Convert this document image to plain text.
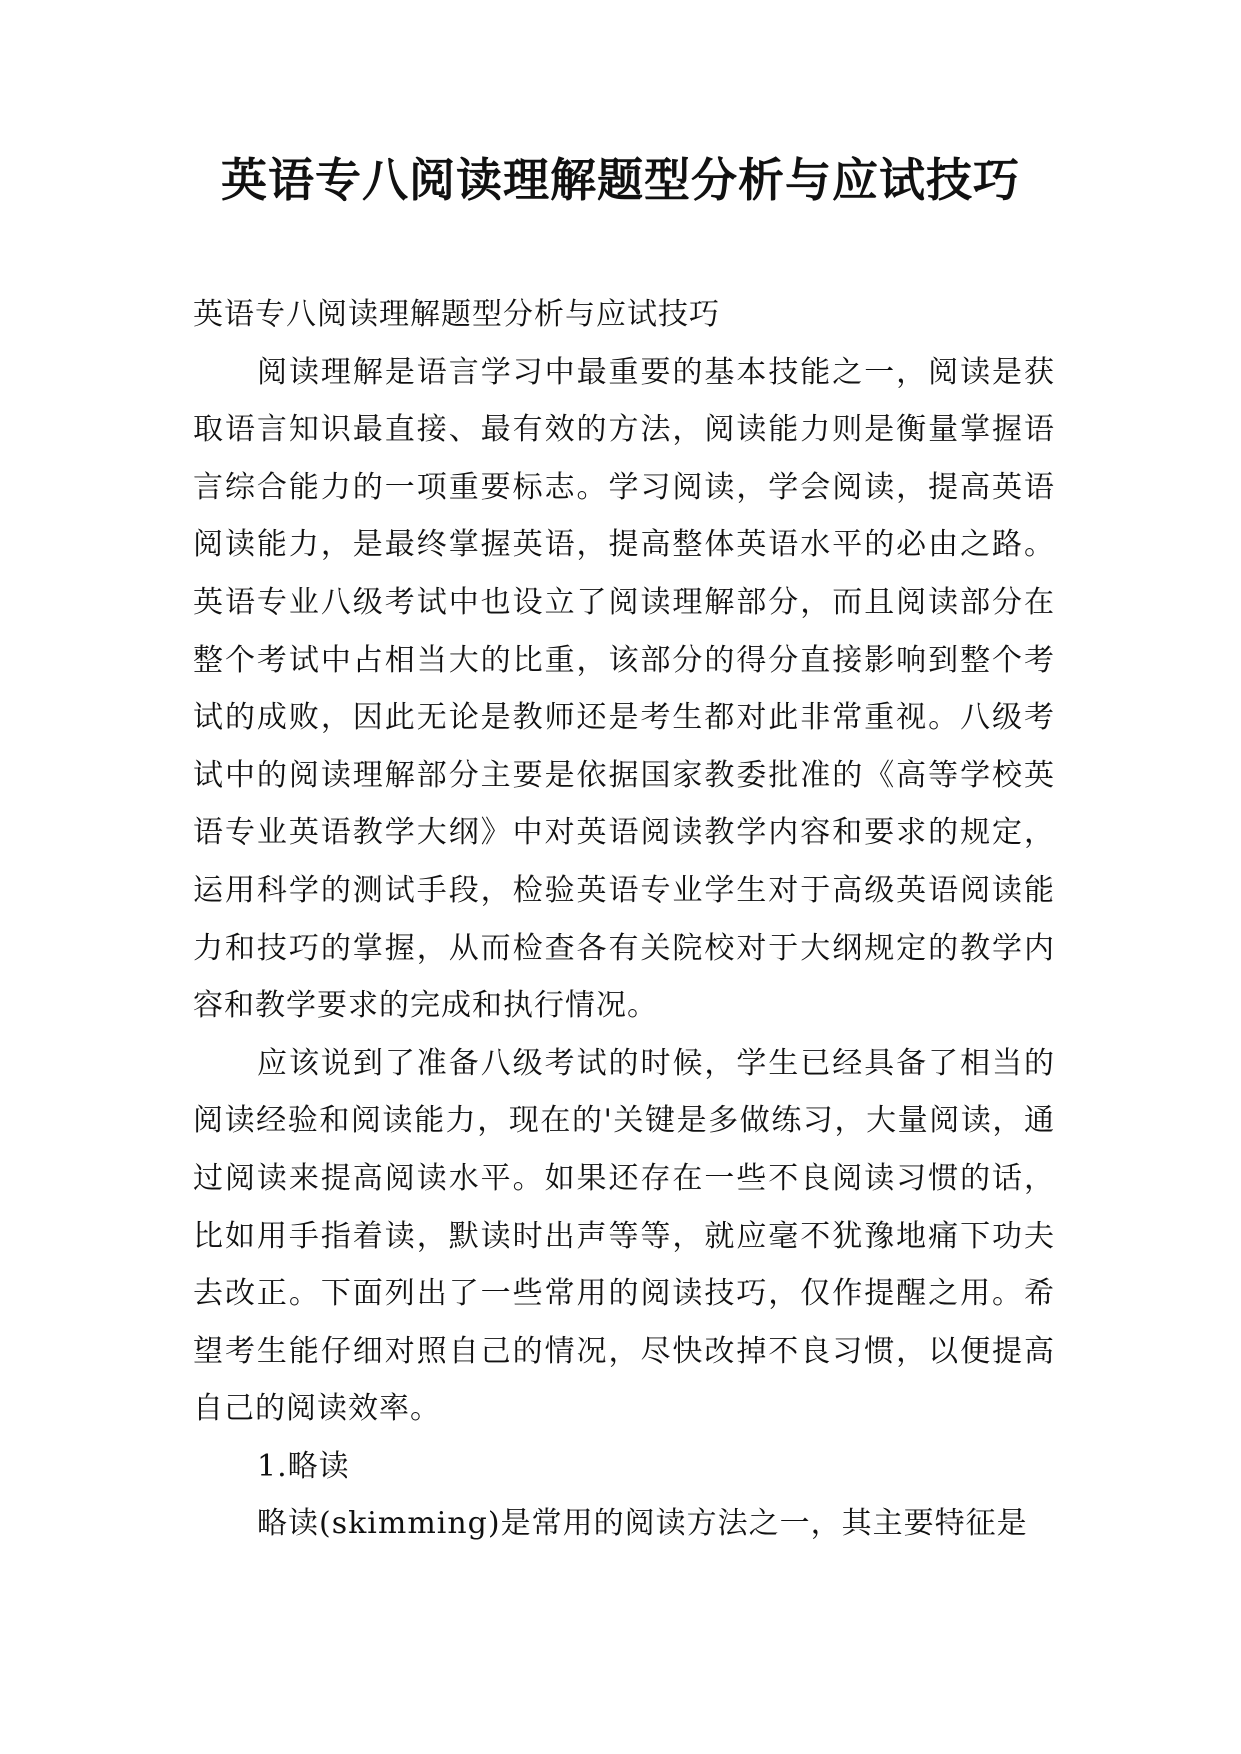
英语专八阅读理解题型分析与应试技巧

英语专八阅读理解题型分析与应试技巧

阅读理解是语言学习中最重要的基本技能之一，阅读是获取语言知识最直接、最有效的方法，阅读能力则是衡量掌握语言综合能力的一项重要标志。学习阅读，学会阅读，提高英语阅读能力，是最终掌握英语，提高整体英语水平的必由之路。英语专业八级考试中也设立了阅读理解部分，而且阅读部分在整个考试中占相当大的比重，该部分的得分直接影响到整个考试的成败，因此无论是教师还是考生都对此非常重视。八级考试中的阅读理解部分主要是依据国家教委批准的《高等学校英语专业英语教学大纲》中对英语阅读教学内容和要求的规定，运用科学的测试手段，检验英语专业学生对于高级英语阅读能力和技巧的掌握，从而检查各有关院校对于大纲规定的教学内容和教学要求的完成和执行情况。

应该说到了准备八级考试的时候，学生已经具备了相当的阅读经验和阅读能力，现在的'关键是多做练习，大量阅读，通过阅读来提高阅读水平。如果还存在一些不良阅读习惯的话，比如用手指着读，默读时出声等等，就应毫不犹豫地痛下功夫去改正。下面列出了一些常用的阅读技巧，仅作提醒之用。希望考生能仔细对照自己的情况，尽快改掉不良习惯，以便提高自己的阅读效率。

1.略读

略读(skimming)是常用的阅读方法之一，其主要特征是
